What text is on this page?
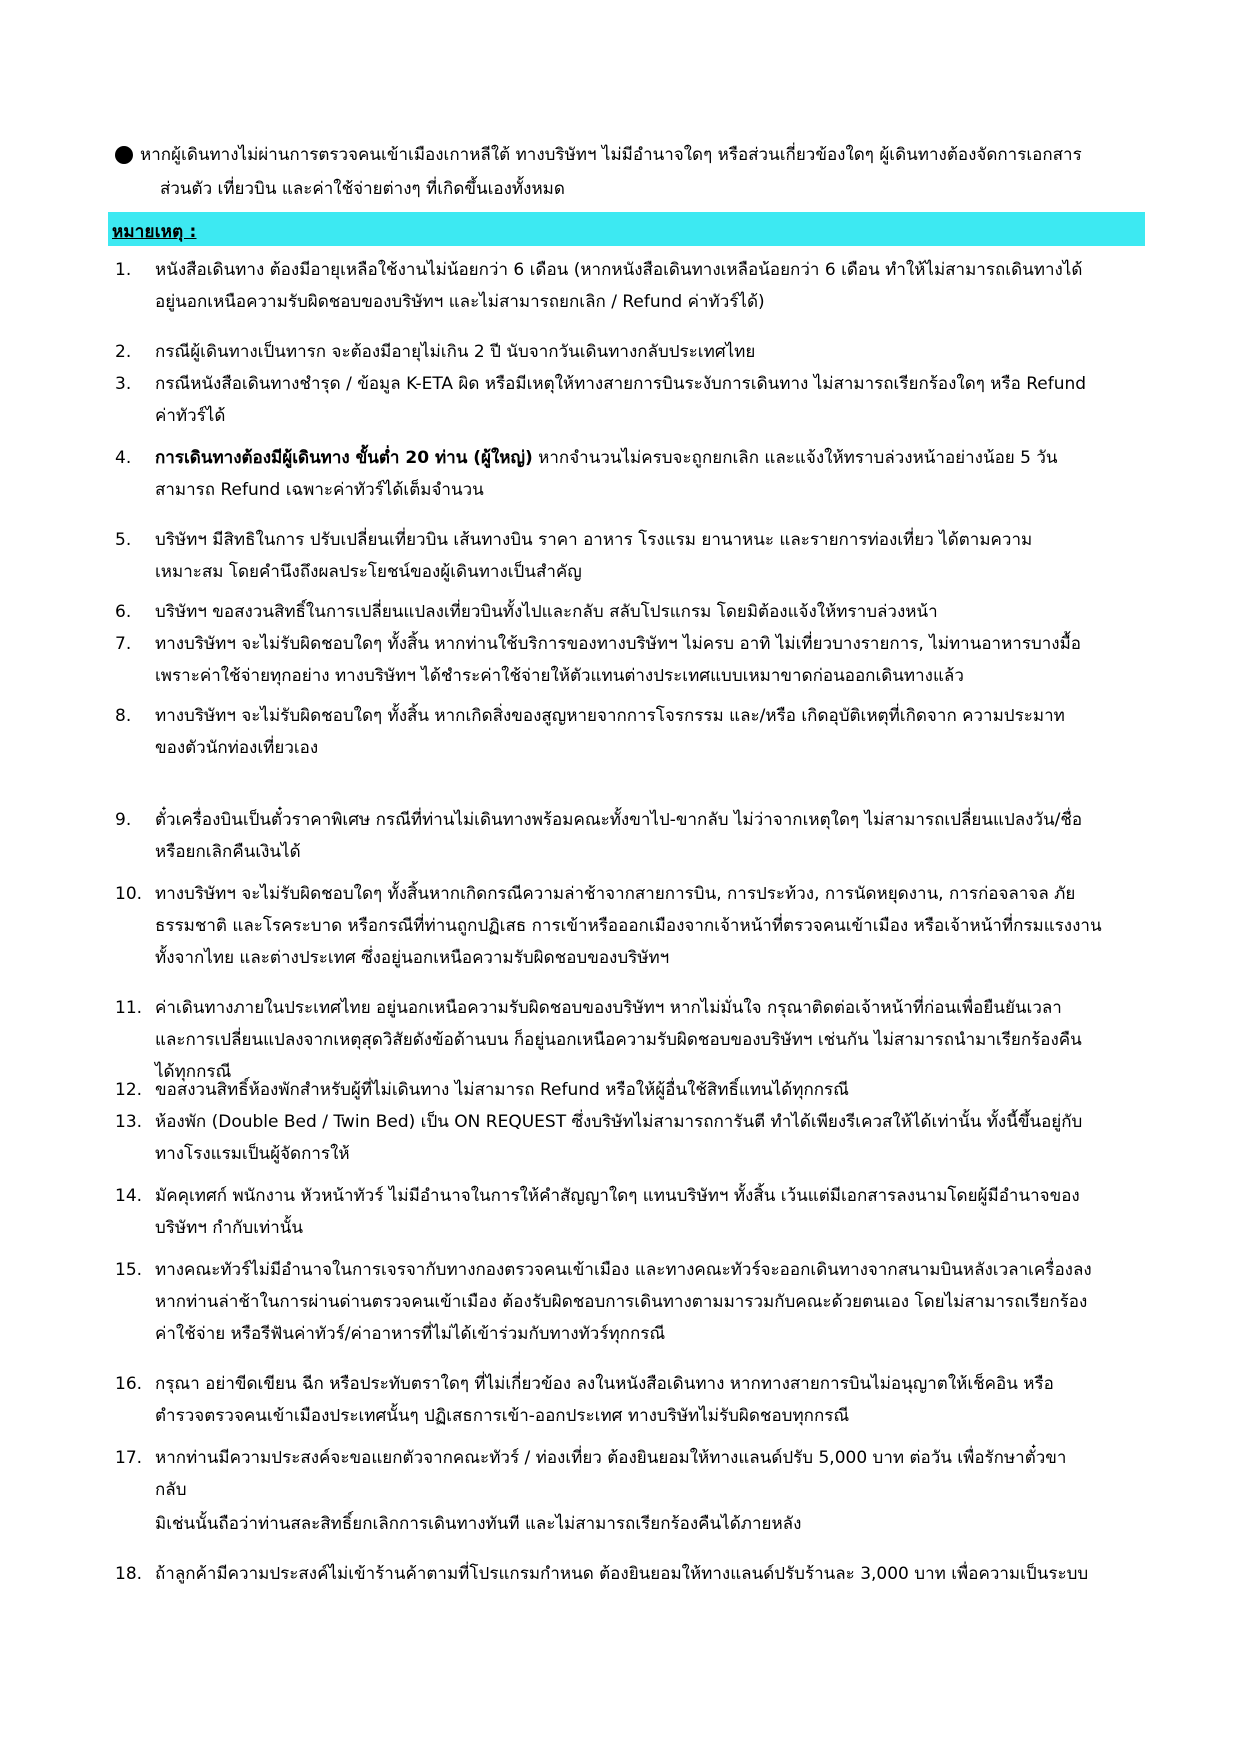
หากผู้เดินทางไม่ผ่านการตรวจคนเข้าเมืองเกาหลีใต้ ทางบริษัทฯ ไม่มีอำนาจใดๆ หรือส่วนเกี่ยวข้องใดๆ ผู้เดินทางต้องจัดการเอกสาร
ส่วนตัว เที่ยวบิน และค่าใช้จ่ายต่างๆ ที่เกิดขึ้นเองทั้งหมด
หมายเหตุ :
1.	หนังสือเดินทาง ต้องมีอายุเหลือใช้งานไม่น้อยกว่า 6 เดือน (หากหนังสือเดินทางเหลือน้อยกว่า 6 เดือน ทำให้ไม่สามารถเดินทางได้
อยู่นอกเหนือความรับผิดชอบของบริษัทฯ และไม่สามารถยกเลิก / Refund ค่าทัวร์ได้)
2.	กรณีผู้เดินทางเป็นทารก จะต้องมีอายุไม่เกิน 2 ปี นับจากวันเดินทางกลับประเทศไทย
3.	กรณีหนังสือเดินทางชำรุด / ข้อมูล K-ETA ผิด หรือมีเหตุให้ทางสายการบินระงับการเดินทาง ไม่สามารถเรียกร้องใดๆ หรือ Refund
ค่าทัวร์ได้
4.	การเดินทางต้องมีผู้เดินทาง ขั้นต่ำ 20 ท่าน (ผู้ใหญ่) หากจำนวนไม่ครบจะถูกยกเลิก และแจ้งให้ทราบล่วงหน้าอย่างน้อย 5 วัน
สามารถ Refund เฉพาะค่าทัวร์ได้เต็มจำนวน
5.	บริษัทฯ มีสิทธิในการ ปรับเปลี่ยนเที่ยวบิน เส้นทางบิน ราคา อาหาร โรงแรม ยานาหนะ และรายการท่องเที่ยว ได้ตามความ
เหมาะสม โดยคำนึงถึงผลประโยชน์ของผู้เดินทางเป็นสำคัญ
6.	บริษัทฯ ขอสงวนสิทธิ์ในการเปลี่ยนแปลงเที่ยวบินทั้งไปและกลับ สลับโปรแกรม โดยมิต้องแจ้งให้ทราบล่วงหน้า
7.	ทางบริษัทฯ จะไม่รับผิดชอบใดๆ ทั้งสิ้น หากท่านใช้บริการของทางบริษัทฯ ไม่ครบ อาทิ ไม่เที่ยวบางรายการ, ไม่ทานอาหารบางมื้อ
เพราะค่าใช้จ่ายทุกอย่าง ทางบริษัทฯ ได้ชำระค่าใช้จ่ายให้ตัวแทนต่างประเทศแบบเหมาขาดก่อนออกเดินทางแล้ว
8.	ทางบริษัทฯ จะไม่รับผิดชอบใดๆ ทั้งสิ้น หากเกิดสิ่งของสูญหายจากการโจรกรรม และ/หรือ เกิดอุบัติเหตุที่เกิดจาก ความประมาท
ของตัวนักท่องเที่ยวเอง
9.	ตั๋วเครื่องบินเป็นตั๋วราคาพิเศษ กรณีที่ท่านไม่เดินทางพร้อมคณะทั้งขาไป-ขากลับ ไม่ว่าจากเหตุใดๆ ไม่สามารถเปลี่ยนแปลงวัน/ชื่อ
หรือยกเลิกคืนเงินได้
10. ทางบริษัทฯ จะไม่รับผิดชอบใดๆ ทั้งสิ้นหากเกิดกรณีความล่าช้าจากสายการบิน, การประท้วง, การนัดหยุดงาน, การก่อจลาจล ภัย
ธรรมชาติ และโรคระบาด หรือกรณีที่ท่านถูกปฏิเสธ การเข้าหรือออกเมืองจากเจ้าหน้าที่ตรวจคนเข้าเมือง หรือเจ้าหน้าที่กรมแรงงาน
ทั้งจากไทย และต่างประเทศ ซึ่งอยู่นอกเหนือความรับผิดชอบของบริษัทฯ
11. ค่าเดินทางภายในประเทศไทย อยู่นอกเหนือความรับผิดชอบของบริษัทฯ หากไม่มั่นใจ กรุณาติดต่อเจ้าหน้าที่ก่อนเพื่อยืนยันเวลา
และการเปลี่ยนแปลงจากเหตุสุดวิสัยดังข้อด้านบน ก็อยู่นอกเหนือความรับผิดชอบของบริษัทฯ เช่นกัน ไม่สามารถนำมาเรียกร้องคืน
ได้ทุกกรณี
12. ขอสงวนสิทธิ์ห้องพักสำหรับผู้ที่ไม่เดินทาง ไม่สามารถ Refund หรือให้ผู้อื่นใช้สิทธิ์แทนได้ทุกกรณี
13. ห้องพัก (Double Bed / Twin Bed) เป็น ON REQUEST ซึ่งบริษัทไม่สามารถการันตี ทำได้เพียงรีเควสให้ได้เท่านั้น ทั้งนี้ขึ้นอยู่กับ
ทางโรงแรมเป็นผู้จัดการให้
14. มัคคุเทศก์ พนักงาน หัวหน้าทัวร์ ไม่มีอำนาจในการให้คำสัญญาใดๆ แทนบริษัทฯ ทั้งสิ้น เว้นแต่มีเอกสารลงนามโดยผู้มีอำนาจของ
บริษัทฯ กำกับเท่านั้น
15. ทางคณะทัวร์ไม่มีอำนาจในการเจรจากับทางกองตรวจคนเข้าเมือง และทางคณะทัวร์จะออกเดินทางจากสนามบินหลังเวลาเครื่องลง
หากท่านล่าช้าในการผ่านด่านตรวจคนเข้าเมือง ต้องรับผิดชอบการเดินทางตามมารวมกับคณะด้วยตนเอง โดยไม่สามารถเรียกร้อง
ค่าใช้จ่าย หรือรีฟันค่าทัวร์/ค่าอาหารที่ไม่ได้เข้าร่วมกับทางทัวร์ทุกกรณี
16. กรุณา อย่าขีดเขียน ฉีก หรือประทับตราใดๆ ที่ไม่เกี่ยวข้อง ลงในหนังสือเดินทาง หากทางสายการบินไม่อนุญาตให้เช็คอิน หรือ
ตำรวจตรวจคนเข้าเมืองประเทศนั้นๆ ปฏิเสธการเข้า-ออกประเทศ ทางบริษัทไม่รับผิดชอบทุกกรณี
17. หากท่านมีความประสงค์จะขอแยกตัวจากคณะทัวร์ / ท่องเที่ยว ต้องยินยอมให้ทางแลนด์ปรับ 5,000 บาท ต่อวัน เพื่อรักษาตั๋วขา
กลับ
มิเช่นนั้นถือว่าท่านสละสิทธิ์ยกเลิกการเดินทางทันที และไม่สามารถเรียกร้องคืนได้ภายหลัง
18. ถ้าลูกค้ามีความประสงค์ไม่เข้าร้านค้าตามที่โปรแกรมกำหนด ต้องยินยอมให้ทางแลนด์ปรับร้านละ 3,000 บาท เพื่อความเป็นระบบ
